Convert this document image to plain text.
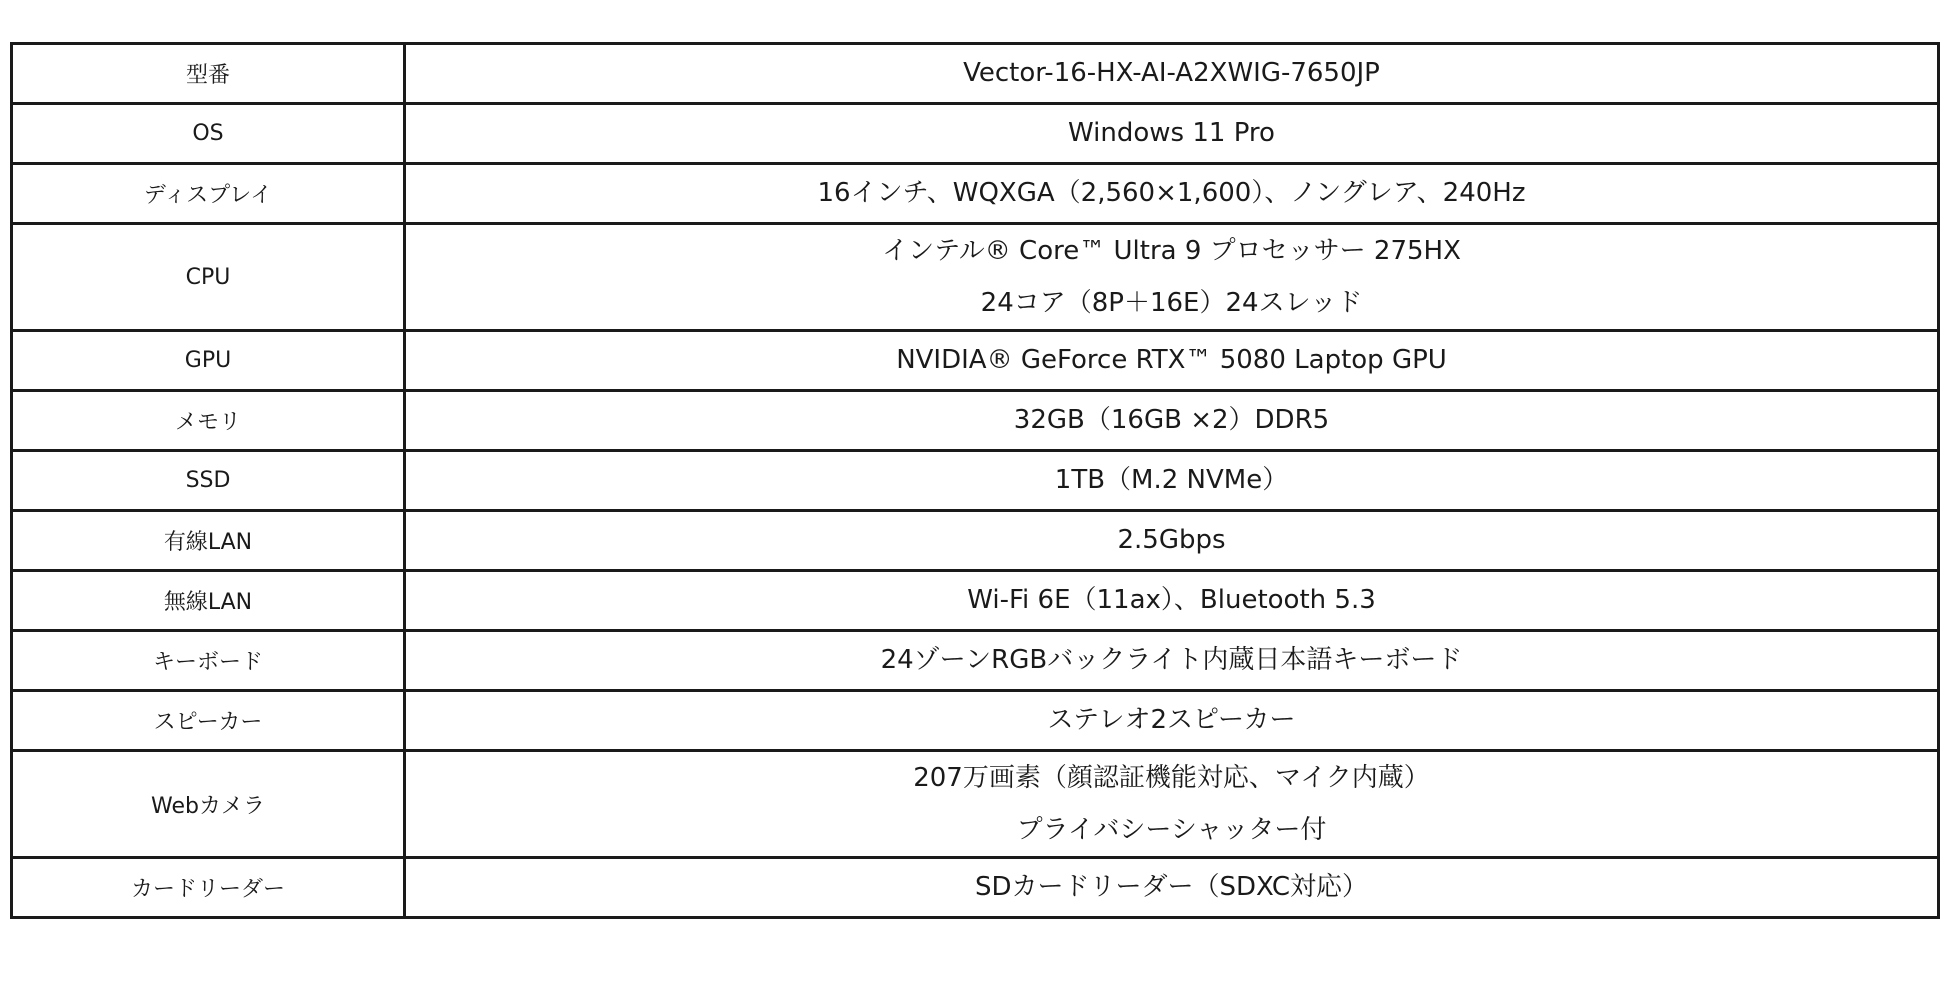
型番	Vector-16-HX-AI-A2XWIG-7650JP

OS	Windows 11 Pro

ディスプレイ	16インチ、WQXGA（2,560×1,600）、ノングレア、240Hz

CPU	インテル® Core™ Ultra 9 プロセッサー 275HX
24コア（8P＋16E）24スレッド

GPU	NVIDIA® GeForce RTX™ 5080 Laptop GPU

メモリ	32GB（16GB ×2）DDR5

SSD	1TB（M.2 NVMe）

有線LAN	2.5Gbps

無線LAN	Wi-Fi 6E（11ax）、Bluetooth 5.3

キーボード	24ゾーンRGBバックライト内蔵日本語キーボード

スピーカー	ステレオ2スピーカー

Webカメラ	207万画素（顔認証機能対応、マイク内蔵）
プライバシーシャッター付

カードリーダー	SDカードリーダー（SDXC対応）
